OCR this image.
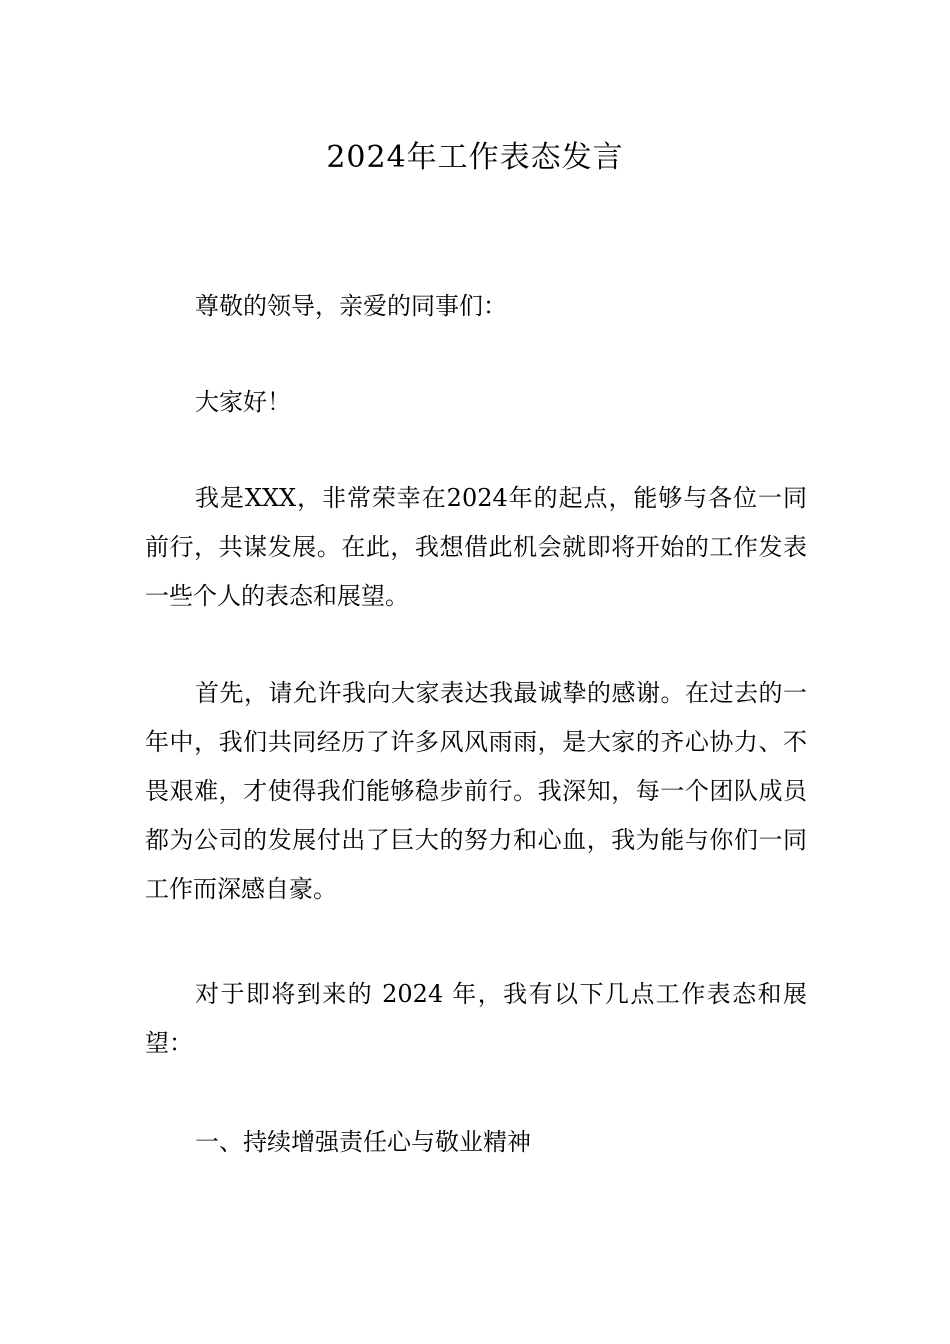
2024年工作表态发言

尊敬的领导，亲爱的同事们：

大家好！

我是XXX，非常荣幸在2024年的起点，能够与各位一同前行，共谋发展。在此，我想借此机会就即将开始的工作发表一些个人的表态和展望。

首先，请允许我向大家表达我最诚挚的感谢。在过去的一年中，我们共同经历了许多风风雨雨，是大家的齐心协力、不畏艰难，才使得我们能够稳步前行。我深知，每一个团队成员都为公司的发展付出了巨大的努力和心血，我为能与你们一同工作而深感自豪。

对于即将到来的 2024 年，我有以下几点工作表态和展望：

一、持续增强责任心与敬业精神
